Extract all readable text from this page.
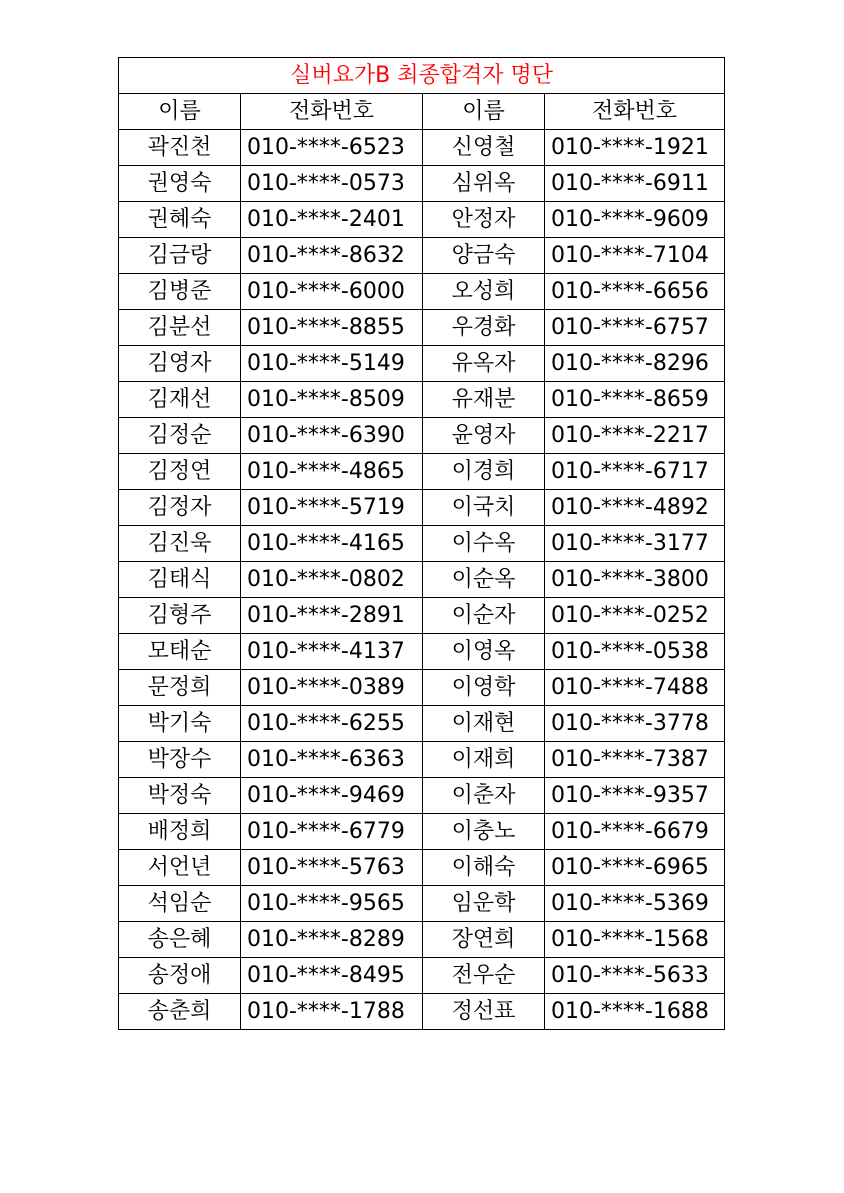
실버요가B 최종합격자 명단			
이름	전화번호	이름	전화번호
곽진천	010-****-6523	신영철	010-****-1921
권영숙	010-****-0573	심위옥	010-****-6911
권혜숙	010-****-2401	안정자	010-****-9609
김금랑	010-****-8632	양금숙	010-****-7104
김병준	010-****-6000	오성희	010-****-6656
김분선	010-****-8855	우경화	010-****-6757
김영자	010-****-5149	유옥자	010-****-8296
김재선	010-****-8509	유재분	010-****-8659
김정순	010-****-6390	윤영자	010-****-2217
김정연	010-****-4865	이경희	010-****-6717
김정자	010-****-5719	이국치	010-****-4892
김진욱	010-****-4165	이수옥	010-****-3177
김태식	010-****-0802	이순옥	010-****-3800
김형주	010-****-2891	이순자	010-****-0252
모태순	010-****-4137	이영옥	010-****-0538
문정희	010-****-0389	이영학	010-****-7488
박기숙	010-****-6255	이재현	010-****-3778
박장수	010-****-6363	이재희	010-****-7387
박정숙	010-****-9469	이춘자	010-****-9357
배정희	010-****-6779	이충노	010-****-6679
서언년	010-****-5763	이해숙	010-****-6965
석임순	010-****-9565	임운학	010-****-5369
송은혜	010-****-8289	장연희	010-****-1568
송정애	010-****-8495	전우순	010-****-5633
송춘희	010-****-1788	정선표	010-****-1688
